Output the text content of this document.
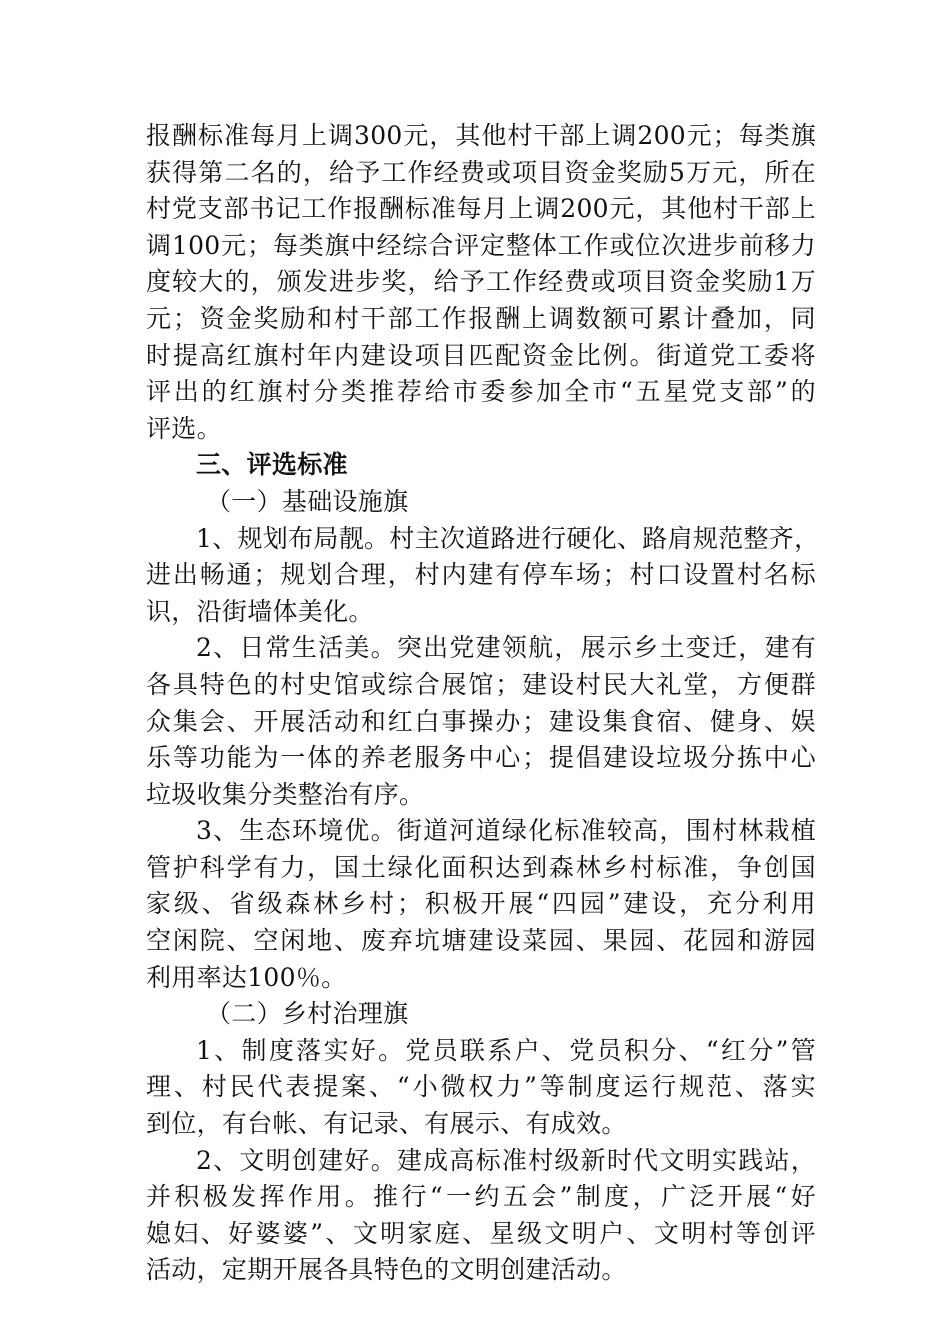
报酬标准每月上调300元，其他村干部上调200元；每类旗
获得第二名的，给予工作经费或项目资金奖励5万元，所在
村党支部书记工作报酬标准每月上调200元，其他村干部上
调100元；每类旗中经综合评定整体工作或位次进步前移力
度较大的，颁发进步奖，给予工作经费或项目资金奖励1万
元；资金奖励和村干部工作报酬上调数额可累计叠加，同
时提高红旗村年内建设项目匹配资金比例。街道党工委将
评出的红旗村分类推荐给市委参加全市“五星党支部”的
评选。
三、评选标准
（一）基础设施旗
1、规划布局靓。村主次道路进行硬化、路肩规范整齐，
进出畅通；规划合理，村内建有停车场；村口设置村名标
识，沿街墙体美化。
2、日常生活美。突出党建领航，展示乡土变迁，建有
各具特色的村史馆或综合展馆；建设村民大礼堂，方便群
众集会、开展活动和红白事操办；建设集食宿、健身、娱
乐等功能为一体的养老服务中心；提倡建设垃圾分拣中心
垃圾收集分类整治有序。
3、生态环境优。街道河道绿化标准较高，围村林栽植
管护科学有力，国土绿化面积达到森林乡村标准，争创国
家级、省级森林乡村；积极开展“四园”建设，充分利用
空闲院、空闲地、废弃坑塘建设菜园、果园、花园和游园
利用率达100％。
（二）乡村治理旗
1、制度落实好。党员联系户、党员积分、“红分”管
理、村民代表提案、“小微权力”等制度运行规范、落实
到位，有台帐、有记录、有展示、有成效。
2、文明创建好。建成高标准村级新时代文明实践站，
并积极发挥作用。推行“一约五会”制度，广泛开展“好
媳妇、好婆婆”、文明家庭、星级文明户、文明村等创评
活动，定期开展各具特色的文明创建活动。
